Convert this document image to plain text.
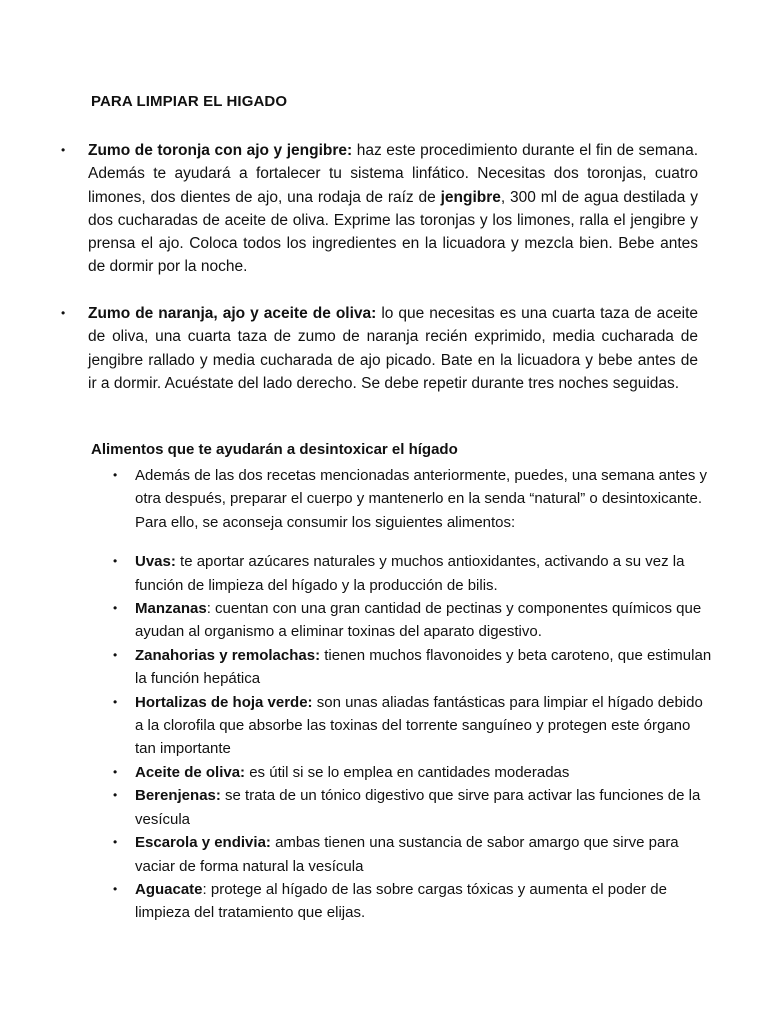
PARA LIMPIAR EL HIGADO
• Zumo de toronja con ajo y jengibre: haz este procedimiento durante el fin de semana. Además te ayudará a fortalecer tu sistema linfático. Necesitas dos toronjas, cuatro limones, dos dientes de ajo, una rodaja de raíz de jengibre, 300 ml de agua destilada y dos cucharadas de aceite de oliva. Exprime las toronjas y los limones, ralla el jengibre y prensa el ajo. Coloca todos los ingredientes en la licuadora y mezcla bien. Bebe antes de dormir por la noche.
• Zumo de naranja, ajo y aceite de oliva: lo que necesitas es una cuarta taza de aceite de oliva, una cuarta taza de zumo de naranja recién exprimido, media cucharada de jengibre rallado y media cucharada de ajo picado. Bate en la licuadora y bebe antes de ir a dormir. Acuéstate del lado derecho. Se debe repetir durante tres noches seguidas.
Alimentos que te ayudarán a desintoxicar el hígado
• Además de las dos recetas mencionadas anteriormente, puedes, una semana antes y otra después, preparar el cuerpo y mantenerlo en la senda “natural” o desintoxicante. Para ello, se aconseja consumir los siguientes alimentos:
• Uvas: te aportar azúcares naturales y muchos antioxidantes, activando a su vez la función de limpieza del hígado y la producción de bilis.
• Manzanas: cuentan con una gran cantidad de pectinas y componentes químicos que ayudan al organismo a eliminar toxinas del aparato digestivo.
• Zanahorias y remolachas: tienen muchos flavonoides y beta caroteno, que estimulan la función hepática
• Hortalizas de hoja verde: son unas aliadas fantásticas para limpiar el hígado debido a la clorofila que absorbe las toxinas del torrente sanguíneo y protegen este órgano tan importante
• Aceite de oliva: es útil si se lo emplea en cantidades moderadas
• Berenjenas: se trata de un tónico digestivo que sirve para activar las funciones de la vesícula
• Escarola y endivia: ambas tienen una sustancia de sabor amargo que sirve para vaciar de forma natural la vesícula
• Aguacate: protege al hígado de las sobre cargas tóxicas y aumenta el poder de limpieza del tratamiento que elijas.
